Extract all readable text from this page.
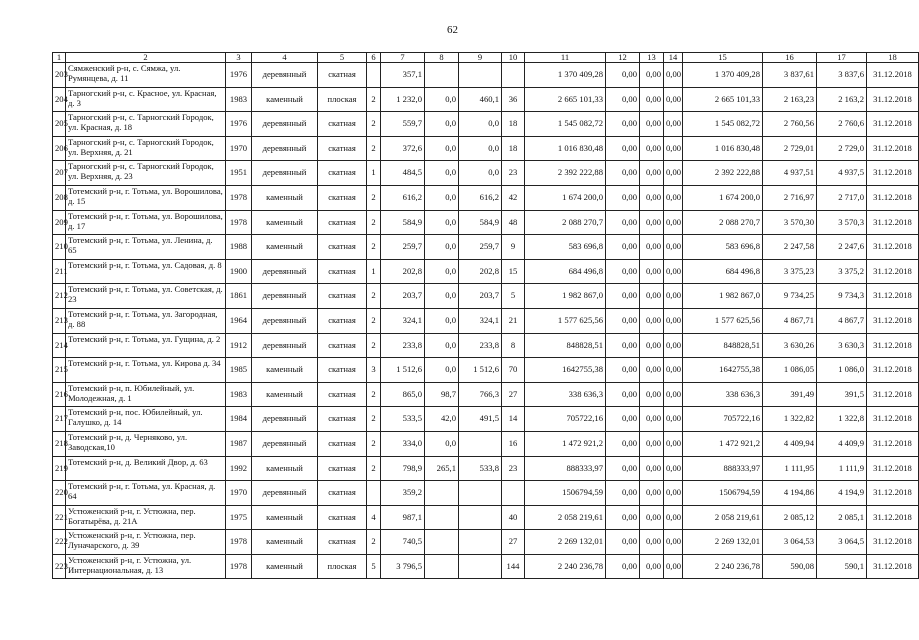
62
1	2	3	4	5	6	7	8	9	10	11	12	13	14	15	16	17	18
203	Сямженский р-н, с. Сямжа, ул. Румянцева, д. 11	1976	деревянный	скатная		357,1				1 370 409,28	0,00	0,00	0,00	1 370 409,28	3 837,61	3 837,6	31.12.2018
204	Тарногский р-н, с. Красное, ул. Красная, д. 3	1983	каменный	плоская	2	1 232,0	0,0	460,1	36	2 665 101,33	0,00	0,00	0,00	2 665 101,33	2 163,23	2 163,2	31.12.2018
205	Тарногский р-н, с. Тарногский Городок, ул. Красная, д. 18	1976	деревянный	скатная	2	559,7	0,0	0,0	18	1 545 082,72	0,00	0,00	0,00	1 545 082,72	2 760,56	2 760,6	31.12.2018
206	Тарногский р-н, с. Тарногский Городок, ул. Верхняя, д. 21	1970	деревянный	скатная	2	372,6	0,0	0,0	18	1 016 830,48	0,00	0,00	0,00	1 016 830,48	2 729,01	2 729,0	31.12.2018
207	Тарногский р-н, с. Тарногский Городок, ул. Верхняя, д. 23	1951	деревянный	скатная	1	484,5	0,0	0,0	23	2 392 222,88	0,00	0,00	0,00	2 392 222,88	4 937,51	4 937,5	31.12.2018
208	Тотемский р-н, г. Тотьма, ул. Ворошилова, д. 15	1978	каменный	скатная	2	616,2	0,0	616,2	42	1 674 200,0	0,00	0,00	0,00	1 674 200,0	2 716,97	2 717,0	31.12.2018
209	Тотемский р-н, г. Тотьма, ул. Ворошилова, д. 17	1978	каменный	скатная	2	584,9	0,0	584,9	48	2 088 270,7	0,00	0,00	0,00	2 088 270,7	3 570,30	3 570,3	31.12.2018
210	Тотемский р-н, г. Тотьма, ул. Ленина, д. 65	1988	каменный	скатная	2	259,7	0,0	259,7	9	583 696,8	0,00	0,00	0,00	583 696,8	2 247,58	2 247,6	31.12.2018
211	Тотемский р-н, г. Тотьма, ул. Садовая, д. 8	1900	деревянный	скатная	1	202,8	0,0	202,8	15	684 496,8	0,00	0,00	0,00	684 496,8	3 375,23	3 375,2	31.12.2018
212	Тотемский р-н, г. Тотьма, ул. Советская, д. 23	1861	деревянный	скатная	2	203,7	0,0	203,7	5	1 982 867,0	0,00	0,00	0,00	1 982 867,0	9 734,25	9 734,3	31.12.2018
213	Тотемский р-н, г. Тотьма, ул. Загородная, д. 88	1964	деревянный	скатная	2	324,1	0,0	324,1	21	1 577 625,56	0,00	0,00	0,00	1 577 625,56	4 867,71	4 867,7	31.12.2018
214	Тотемский р-н, г. Тотьма, ул. Гущина, д. 2	1912	деревянный	скатная	2	233,8	0,0	233,8	8	848828,51	0,00	0,00	0,00	848828,51	3 630,26	3 630,3	31.12.2018
215	Тотемский р-н, г. Тотьма, ул. Кирова д. 34	1985	каменный	скатная	3	1 512,6	0,0	1 512,6	70	1642755,38	0,00	0,00	0,00	1642755,38	1 086,05	1 086,0	31.12.2018
216	Тотемский р-н, п. Юбилейный, ул. Молодежная, д. 1	1983	каменный	скатная	2	865,0	98,7	766,3	27	338 636,3	0,00	0,00	0,00	338 636,3	391,49	391,5	31.12.2018
217	Тотемский р-н, пос. Юбилейный, ул. Галушко, д. 14	1984	деревянный	скатная	2	533,5	42,0	491,5	14	705722,16	0,00	0,00	0,00	705722,16	1 322,82	1 322,8	31.12.2018
218	Тотемский р-н, д. Черняково, ул. Заводская,10	1987	деревянный	скатная	2	334,0	0,0		16	1 472 921,2	0,00	0,00	0,00	1 472 921,2	4 409,94	4 409,9	31.12.2018
219	Тотемский р-н, д. Великий Двор, д. 63	1992	каменный	скатная	2	798,9	265,1	533,8	23	888333,97	0,00	0,00	0,00	888333,97	1 111,95	1 111,9	31.12.2018
220	Тотемский р-н, г. Тотьма, ул. Красная, д. 64	1970	деревянный	скатная		359,2				1506794,59	0,00	0,00	0,00	1506794,59	4 194,86	4 194,9	31.12.2018
221	Устюженский р-н, г. Устюжна, пер. Богатырёва, д. 21А	1975	каменный	скатная	4	987,1			40	2 058 219,61	0,00	0,00	0,00	2 058 219,61	2 085,12	2 085,1	31.12.2018
222	Устюженский р-н, г. Устюжна, пер. Луначарского, д. 39	1978	каменный	скатная	2	740,5			27	2 269 132,01	0,00	0,00	0,00	2 269 132,01	3 064,53	3 064,5	31.12.2018
223	Устюженский р-н, г. Устюжна, ул. Интернациональная, д. 13	1978	каменный	плоская	5	3 796,5			144	2 240 236,78	0,00	0,00	0,00	2 240 236,78	590,08	590,1	31.12.2018
